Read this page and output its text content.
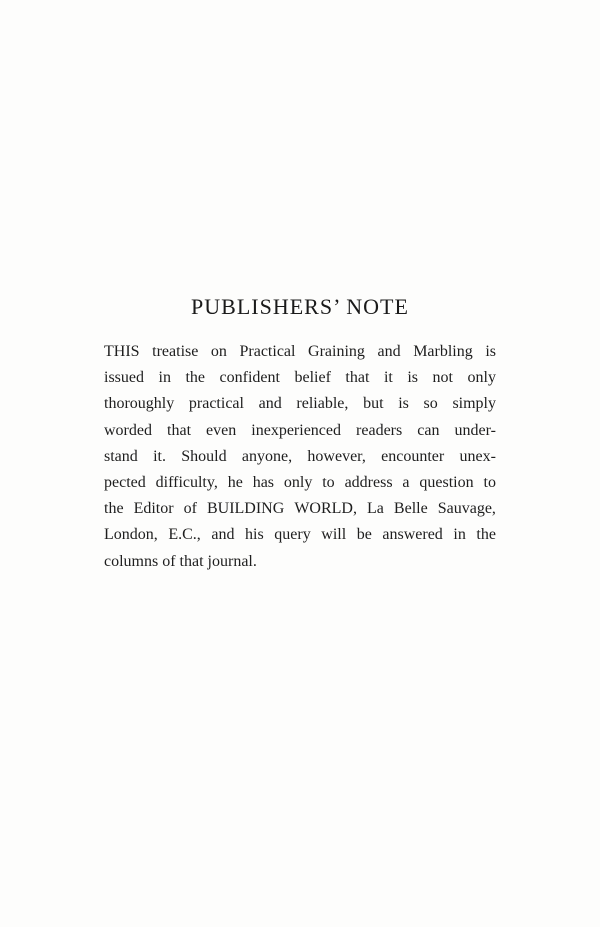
PUBLISHERS’ NOTE
THIS treatise on Practical Graining and Marbling is
issued in the confident belief that it is not only
thoroughly practical and reliable, but is so simply
worded that even inexperienced readers can under-
stand it. Should anyone, however, encounter unex-
pected difficulty, he has only to address a question to
the Editor of BUILDING WORLD, La Belle Sauvage,
London, E.C., and his query will be answered in the
columns of that journal.
